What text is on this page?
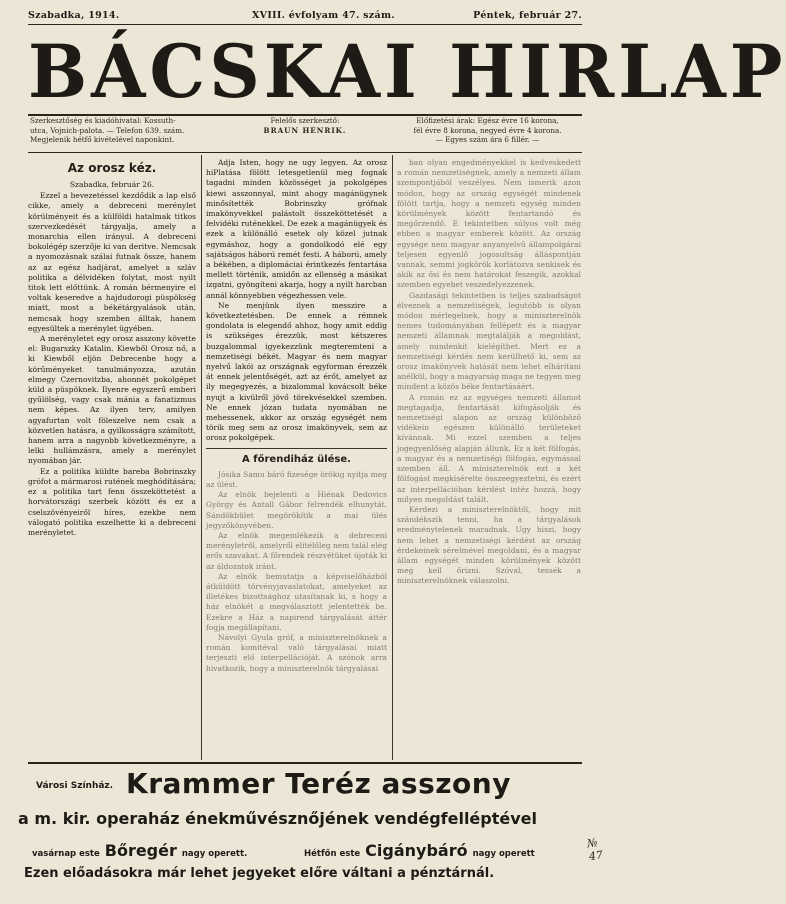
Szabadka, 1914.	XVIII. évfolyam 47. szám.	Péntek, február 27.
BÁCSKAI HIRLAP
Szerkesztőség és kiadóhivatal: Kossuth-
utca, Vojnich-palota. — Telefon 639. szám.
Megjelenik hétfő kivételével naponkint.
Felelős szerkesztő:
BRAUN HENRIK.
Előfizetési árak: Egész évre 16 korona,
fél évre 8 korona, negyed évre 4 korona.
— Egyes szám ára 6 fillér. —
Az orosz kéz.
Szabadka, február 26.

Ezzel a bevezetéssel kezdődik a lap első cikke, amely a debreceni merénylet körülményeit és a külföldi hatalmak titkos szervezkedését tárgyalja, amely a monarchia ellen irányul. A debreceni bokolégép szerzője ki van deritve. Nemcsak a nyomozásnak szálai futnak össze, hanem az az egész hadjárat, amelyet a szláv politika a délvidéken folytat, most nyilt titok lett előttünk. A román bérmenyire el voltak keseredve a hajdudorogi püspökség miatt, most a békétárgyalások után, nemcsak hogy szemben álltak, hanem egyesültek a merénylet ügyében.

A merényletet egy orosz asszony követte el: Bugarszky Katalin. Kiewből Orosz nő, a ki Kiewből eljön Debrecenbe hogy a körűményeket tanulmányozza, azután elmegy Czernovitzba, ahonnét pokolgépet küld a püspöknek. Ilyenre egyszerű emberi gyűlölség, vagy csak mánia a fanatizmus nem képes. Az ilyen terv, amilyen agyafurtan volt föleszelve nem csak a közvetlen hatásra, a gyilkosságra számított, hanem arra a nagyobb következményre, a lelki hullámzásra, amely a merénylet nyomában jár.

Ez a politika küldte bareba Bobrinszky grófot a mármarosi rutének meghódítására; ez a politika tart fenn összeköttetést a horvátországi szerbek között és ez a cselszövényeiről híres, ezekbe nem válogató politika eszelhette ki a debreceni merényletet.

Adja Isten, hogy ne ugy legyen. Az orosz hiPlatása fölött letesgetlenül meg fognak tagadni minden közösséget ja pokolgépes kiewi asszonnyal, mint ahogy magánügynek minősítették Bobrinszky grófnak imakönyvekkel palástolt összeköttetését a felvidéki ruténekkel. De ezek a magánügyek és ezek a különálló esetek oly közel jutnak egymáshoz, hogy a gondolkodó elé egy sajátságos háború remét festi. A háború, amely a békében, a diplomáciai érintkezés fentartása mellett történik, amidőn az ellenség a másikat izgatni, gyöngíteni akarja, hogy a nyilt harcban annál könnyebben végezhessen vele.

Ne menjünk ilyen messzire a következtetésben. De ennek a rémnek gondolata is elegendő ahhoz, hogy amit eddig is szükséges érezzük, most kétszeres buzgalommal igyekezzünk megteremteni a nemzetiségi békét. Magyar és nem magyar nyelvű lakói az országnak egyforman érezzék át ennek jelentőségét, azt az érőt, amelyet az ily megegyezés, a bizalommal kovácsolt béke nyujt a kivülről jövő törekvésekkel szemben. Ne ennek józan tudata nyomában ne mehessenek, akkor az ország egységét nem törik meg sem az orosz imakönyvek, sem az orosz pokolgépek.

A főrendiház ülése.

Jósika Samu báró fizesége örökig nyitja meg az ülést.

Az elnök bejelenti a Hiénak Dedovics György és Antall Gábor felrendék elhunytát. Sándökbület megörökítik a mai ülés jegyzőkönyvében.

Az elnök megemlékezik a debreceni merényletről, amelyről elítélőleg nem talál elég erős szavakat. A főrendek részvétüket újoták ki az áldozatok iránt.

Az elnök bemutatja a képviselőházból átküldött törvényjavaslatokat, amelyeket az illetékes bizottsághoz utasítanak ki, s hogy a ház elnökét a megválasztott jelentették be. Ezekre a Ház a napirend tárgyalását áttér fogja megállapítani.

Návolyi Gyula gróf, a miniszterelnöknek a román komitéval való tárgyalásai miatt terjeszti elő interpellációját. A szónok arra hivatkozik, hogy a miniszterelnök tárgyalásai

ban olyan engedményekkel is kedveskedett a román nemzetiségnek, amely a nemzeti állam szempontjából veszélyes. Nem ismerik azon módon, hogy az ország egységét mindenek fölött tartja, hogy a nemzeti egység minden körülmények között fentartandó és megőrzendő. E tekintetben súlyos volt még ebben a magyar emberek között. Az ország egysége nem magyar anyanyelvű állampolgárai teljesen egyenlő jogosultság álláspontján vannak, semmi jogkörök korlátozva senkisek és akik az ősi és nem határokat feszegik, azokkal szemben egyebet veszedelyezzenek.

Gazdasági tekintetben is teljes szabadságot élveznek a nemzetiségek, legutóbb is olyan módon mérlegelnek, hogy a miniszterelnök nemes tudományában fellépett és a magyar nemzeti államnak megtalálják a megoldást, amely mindenkit kielégíthet. Mert ez a nemzetiségi kérdés nem kerülhető ki, sem az orosz imakönyvek hatását nem lehet elhárítani anélkül, hogy a magyarság maga ne tegyen meg mindent a közös béke fentartásáért.

A román ez az egységes nemzeti államot megtagadja, fentartását kifogásolják és nemzetiségi alapon az ország különböző vidékein egészen különálló területeket kívánnak. Mi ezzel szemben a teljes jogegyenlőség alapján állunk. Ez a két fölfogás, a magyar és a nemzetiségi fölfogás, egymással szemben áll. A miniszterelnök ezt a két fölfogást megkísérelte összeegyeztetni, és ezért az interpellációban kérdést intéz hozzá, hogy milyen megoldást talált.

Kérdezi a miniszterelnöktől, hogy mit szándékszik tenni, ha a tárgyalások eredménytelenek maradnak. Ugy hiszi, hogy nem lehet a nemzetiségi kérdést az ország érdekeinek sérelmével megoldani, és a magyar állam egységét minden körülmények között meg kell őrizni. Szóval, tessék a miniszterelnöknek válaszolni.

Városi Színház. Krammer Teréz asszony
a m. kir. operaház énekművésznőjének vendégfelléptével
vasárnap este Bőregér nagy operett.	Hétfőn este Cigánybáró nagy operett
Ezen előadásokra már lehet jegyeket előre váltani a pénztárnál.
№ 47
